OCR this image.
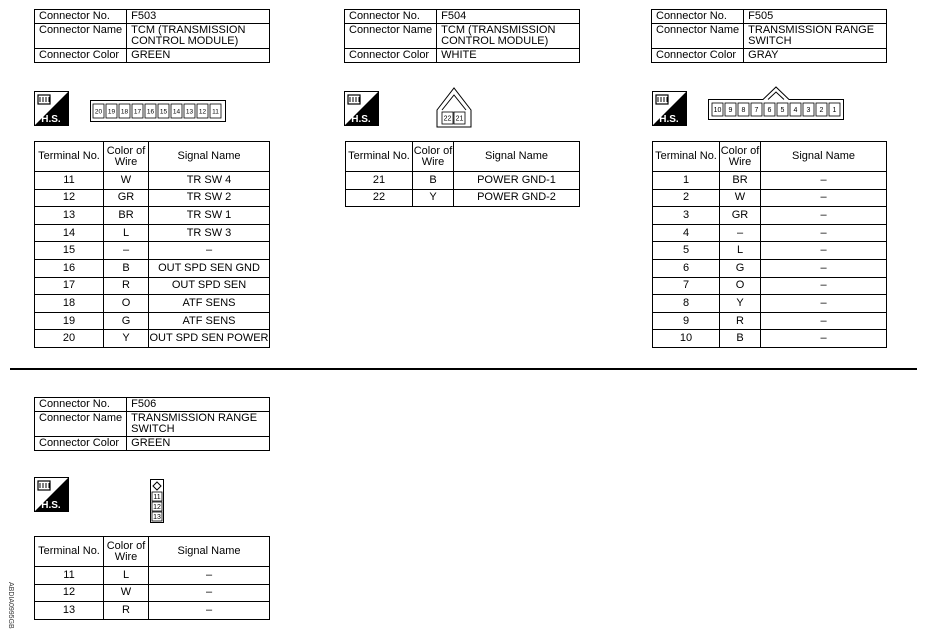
Connector No.	F503
Connector Name	TCM (TRANSMISSION CONTROL MODULE)
Connector Color	GREEN
H.S.
20 19 18 17 16 15 14 13 12 11
Terminal No.	Color of Wire	Signal Name
11	W	TR SW 4
12	GR	TR SW 2
13	BR	TR SW 1
14	L	TR SW 3
15	–	–
16	B	OUT SPD SEN GND
17	R	OUT SPD SEN
18	O	ATF SENS
19	G	ATF SENS
20	Y	OUT SPD SEN POWER
Connector No.	F504
Connector Name	TCM (TRANSMISSION CONTROL MODULE)
Connector Color	WHITE
H.S.	22 21
Terminal No.	Color of Wire	Signal Name
21	B	POWER GND-1
22	Y	POWER GND-2
Connector No.	F505
Connector Name	TRANSMISSION RANGE SWITCH
Connector Color	GRAY
H.S.
10 9 8 7 6 5 4 3 2 1
Terminal No.	Color of Wire	Signal Name
1	BR	–
2	W	–
3	GR	–
4	–	–
5	L	–
6	G	–
7	O	–
8	Y	–
9	R	–
10	B	–
Connector No.	F506
Connector Name	TRANSMISSION RANGE SWITCH
Connector Color	GREEN
H.S.
11
12
13
Terminal No.	Color of Wire	Signal Name
11	L	–
12	W	–
13	R	–
ABDIA0995GB
